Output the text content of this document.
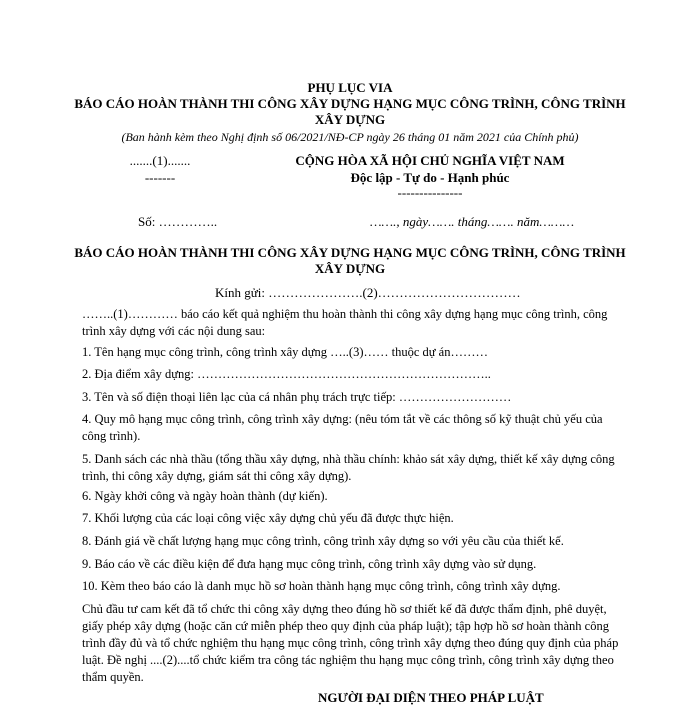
PHỤ LỤC VIA
BÁO CÁO HOÀN THÀNH THI CÔNG XÂY DỰNG HẠNG MỤC CÔNG TRÌNH, CÔNG TRÌNH XÂY DỰNG
(Ban hành kèm theo Nghị định số 06/2021/NĐ-CP ngày 26 tháng 01 năm 2021 của Chính phủ)
.......(1).......
-------
CỘNG HÒA XÃ HỘI CHỦ NGHĨA VIỆT NAM
Độc lập - Tự do - Hạnh phúc
---------------
Số: …………..	……., ngày……. tháng……. năm………
BÁO CÁO HOÀN THÀNH THI CÔNG XÂY DỰNG HẠNG MỤC CÔNG TRÌNH, CÔNG TRÌNH XÂY DỰNG
Kính gửi: ………………….(2)……………………………
……..(1)………… báo cáo kết quả nghiệm thu hoàn thành thi công xây dựng hạng mục công trình, công trình xây dựng với các nội dung sau:
1. Tên hạng mục công trình, công trình xây dựng …..(3)…… thuộc dự án………
2. Địa điểm xây dựng: ……………………………………………………………..
3. Tên và số điện thoại liên lạc của cá nhân phụ trách trực tiếp: ………………………
4. Quy mô hạng mục công trình, công trình xây dựng: (nêu tóm tắt về các thông số kỹ thuật chủ yếu của công trình).
5. Danh sách các nhà thầu (tổng thầu xây dựng, nhà thầu chính: khảo sát xây dựng, thiết kế xây dựng công trình, thi công xây dựng, giám sát thi công xây dựng).
6. Ngày khởi công và ngày hoàn thành (dự kiến).
7. Khối lượng của các loại công việc xây dựng chủ yếu đã được thực hiện.
8. Đánh giá về chất lượng hạng mục công trình, công trình xây dựng so với yêu cầu của thiết kế.
9. Báo cáo về các điều kiện để đưa hạng mục công trình, công trình xây dựng vào sử dụng.
10. Kèm theo báo cáo là danh mục hồ sơ hoàn thành hạng mục công trình, công trình xây dựng.
Chủ đầu tư cam kết đã tổ chức thi công xây dựng theo đúng hồ sơ thiết kế đã được thẩm định, phê duyệt, giấy phép xây dựng (hoặc căn cứ miễn phép theo quy định của pháp luật); tập hợp hồ sơ hoàn thành công trình đầy đủ và tổ chức nghiệm thu hạng mục công trình, công trình xây dựng theo đúng quy định của pháp luật. Đề nghị ....(2)....tổ chức kiểm tra công tác nghiệm thu hạng mục công trình, công trình xây dựng theo thẩm quyền.
NGƯỜI ĐẠI DIỆN THEO PHÁP LUẬT
